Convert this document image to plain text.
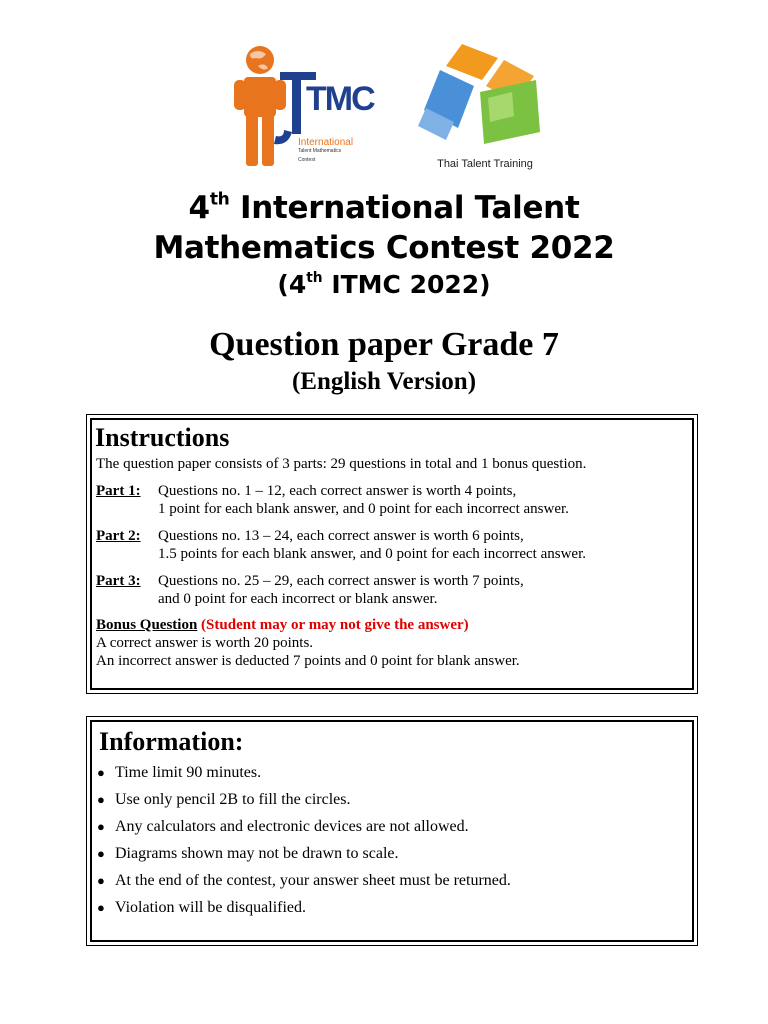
TMC
International
Talent Mathematics
Contest	Thai Talent Training
4th International Talent
Mathematics Contest 2022
(4th ITMC 2022)
Question paper Grade 7
(English Version)
Instructions
The question paper consists of 3 parts: 29 questions in total and 1 bonus question.
Part 1:	Questions no. 1 – 12, each correct answer is worth 4 points,
1 point for each blank answer, and 0 point for each incorrect answer.
Part 2:	Questions no. 13 – 24, each correct answer is worth 6 points,
1.5 points for each blank answer, and 0 point for each incorrect answer.
Part 3:	Questions no. 25 – 29, each correct answer is worth 7 points,
and 0 point for each incorrect or blank answer.
Bonus Question (Student may or may not give the answer)
A correct answer is worth 20 points.
An incorrect answer is deducted 7 points and 0 point for blank answer.
Information:
● Time limit 90 minutes.
● Use only pencil 2B to fill the circles.
● Any calculators and electronic devices are not allowed.
● Diagrams shown may not be drawn to scale.
● At the end of the contest, your answer sheet must be returned.
● Violation will be disqualified.
